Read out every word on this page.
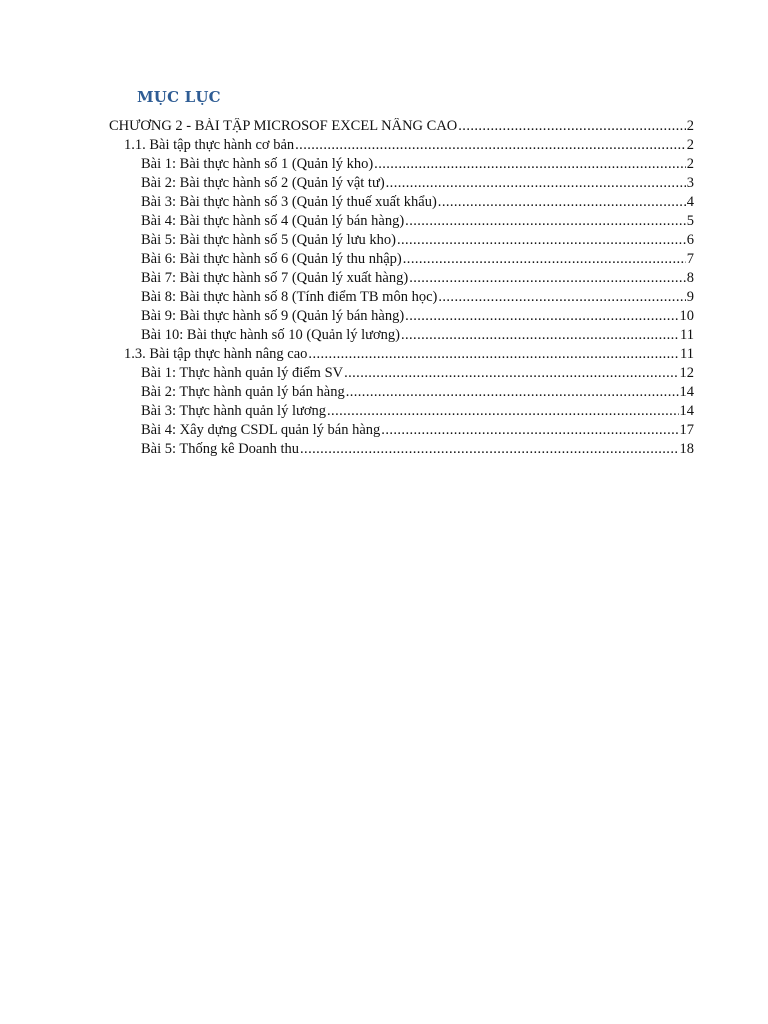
MỤC LỤC
CHƯƠNG 2 - BÀI TẬP MICROSOF EXCEL NÂNG CAO .....	2
1.1. Bài tập thực hành cơ bản .....	2
Bài 1: Bài thực hành số 1 (Quản lý kho) .....	2
Bài 2: Bài thực hành số 2 (Quản lý vật tư) .....	3
Bài 3: Bài thực hành số 3 (Quản lý thuế xuất khẩu) .....	4
Bài 4: Bài thực hành số 4 (Quản lý bán hàng) .....	5
Bài 5: Bài thực hành số 5 (Quản lý lưu kho) .....	6
Bài 6: Bài thực hành số 6 (Quản lý thu nhập) .....	7
Bài 7: Bài thực hành số 7 (Quản lý xuất hàng) .....	8
Bài 8: Bài thực hành số 8 (Tính điểm TB môn học) .....	9
Bài 9: Bài thực hành số 9 (Quản lý bán hàng) .....	10
Bài 10: Bài thực hành số 10 (Quản lý lương) .....	11
1.3. Bài tập thực hành nâng cao .....	11
Bài 1: Thực hành quản lý điểm SV .....	12
Bài 2: Thực hành quản lý bán hàng .....	14
Bài 3: Thực hành quản lý lương .....	14
Bài 4: Xây dựng CSDL quản lý bán hàng .....	17
Bài 5: Thống kê Doanh thu .....	18
